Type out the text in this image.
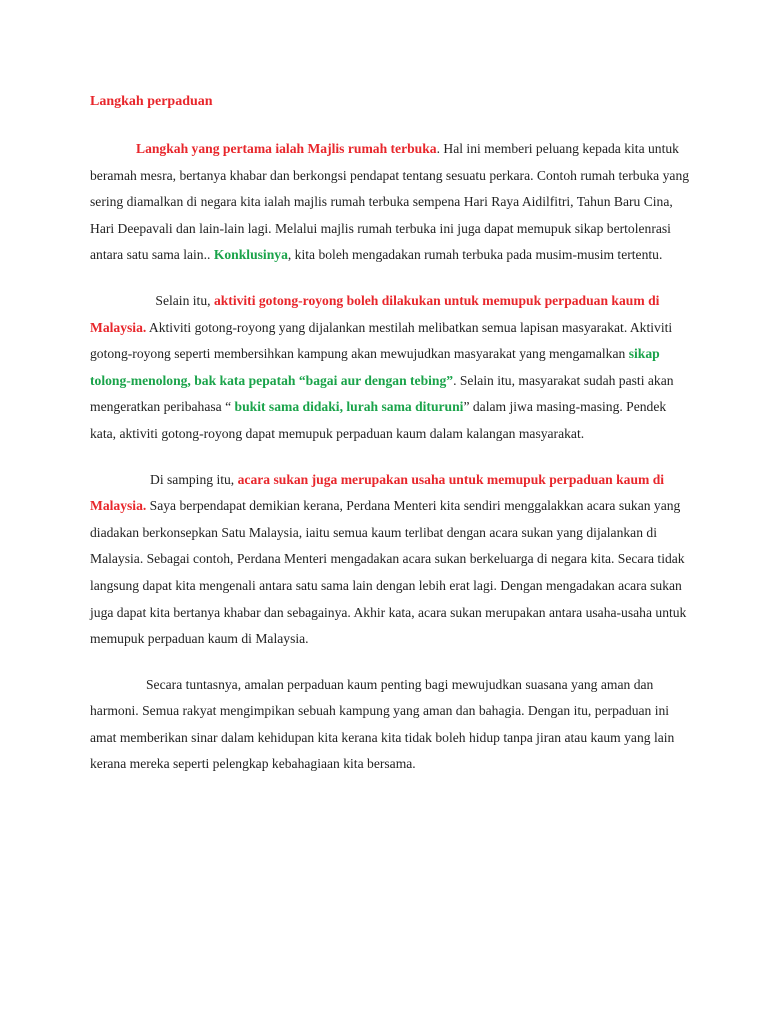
Langkah perpaduan

Langkah yang pertama ialah Majlis rumah terbuka. Hal ini memberi peluang kepada kita untuk beramah mesra, bertanya khabar dan berkongsi pendapat tentang sesuatu perkara. Contoh rumah terbuka yang sering diamalkan di negara kita ialah majlis rumah terbuka sempena Hari Raya Aidilfitri, Tahun Baru Cina, Hari Deepavali dan lain-lain lagi. Melalui majlis rumah terbuka ini juga dapat memupuk sikap bertolenrasi antara satu sama lain.. Konklusinya, kita boleh mengadakan rumah terbuka pada musim-musim tertentu.

Selain itu, aktiviti gotong-royong boleh dilakukan untuk memupuk perpaduan kaum di Malaysia. Aktiviti gotong-royong yang dijalankan mestilah melibatkan semua lapisan masyarakat. Aktiviti gotong-royong seperti membersihkan kampung akan mewujudkan masyarakat yang mengamalkan sikap tolong-menolong, bak kata pepatah “bagai aur dengan tebing”. Selain itu, masyarakat sudah pasti akan mengeratkan peribahasa “ bukit sama didaki, lurah sama dituruni” dalam jiwa masing-masing. Pendek kata, aktiviti gotong-royong dapat memupuk perpaduan kaum dalam kalangan masyarakat.

Di samping itu, acara sukan juga merupakan usaha untuk memupuk perpaduan kaum di Malaysia. Saya berpendapat demikian kerana, Perdana Menteri kita sendiri menggalakkan acara sukan yang diadakan berkonsepkan Satu Malaysia, iaitu semua kaum terlibat dengan acara sukan yang dijalankan di Malaysia. Sebagai contoh, Perdana Menteri mengadakan acara sukan berkeluarga di negara kita. Secara tidak langsung dapat kita mengenali antara satu sama lain dengan lebih erat lagi. Dengan mengadakan acara sukan juga dapat kita bertanya khabar dan sebagainya. Akhir kata, acara sukan merupakan antara usaha-usaha untuk memupuk perpaduan kaum di Malaysia.

Secara tuntasnya, amalan perpaduan kaum penting bagi mewujudkan suasana yang aman dan harmoni. Semua rakyat mengimpikan sebuah kampung yang aman dan bahagia. Dengan itu, perpaduan ini amat memberikan sinar dalam kehidupan kita kerana kita tidak boleh hidup tanpa jiran atau kaum yang lain kerana mereka seperti pelengkap kebahagiaan kita bersama.
